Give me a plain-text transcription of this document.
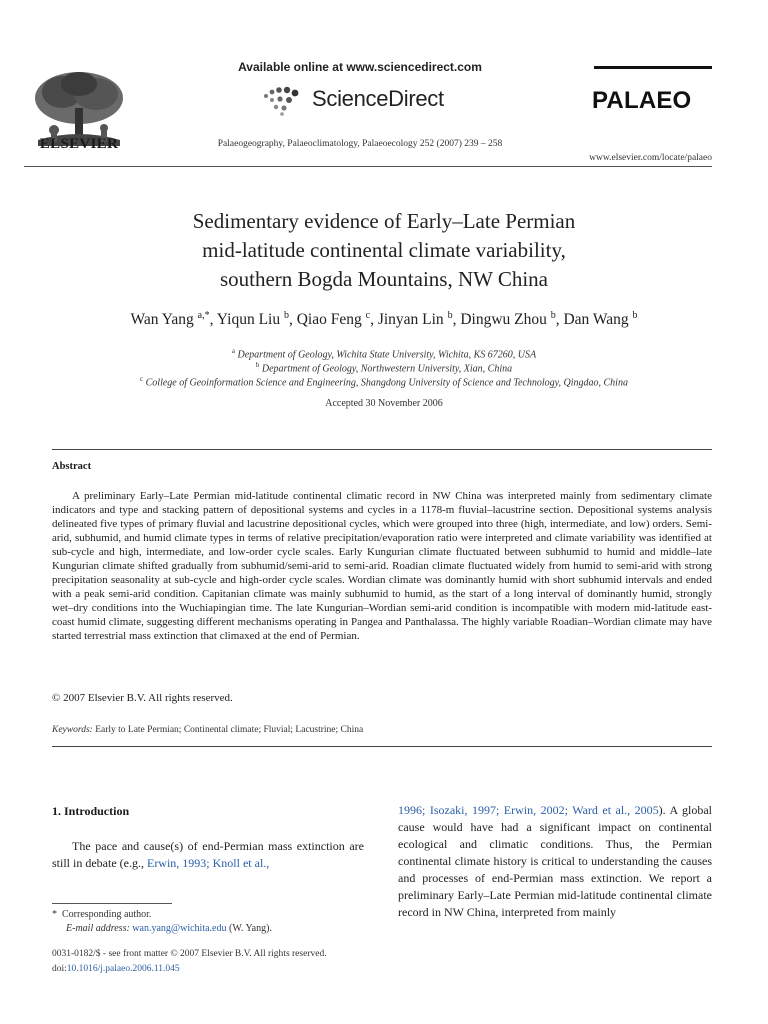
ELSEVIER
Available online at www.sciencedirect.com
ScienceDirect
Palaeogeography, Palaeoclimatology, Palaeoecology 252 (2007) 239 – 258
PALAEO
www.elsevier.com/locate/palaeo
Sedimentary evidence of Early–Late Permian
mid-latitude continental climate variability,
southern Bogda Mountains, NW China
Wan Yang $^{a,*}$, Yiqun Liu $^b$, Qiao Feng $^c$, Jinyan Lin $^b$, Dingwu Zhou $^b$, Dan Wang $^b$
$^a$ Department of Geology, Wichita State University, Wichita, KS 67260, USA
$^b$ Department of Geology, Northwestern University, Xian, China
$^c$ College of Geoinformation Science and Engineering, Shangdong University of Science and Technology, Qingdao, China
Accepted 30 November 2006
Abstract
A preliminary Early–Late Permian mid-latitude continental climatic record in NW China was interpreted mainly from sedimentary climate indicators and type and stacking pattern of depositional systems and cycles in a 1178-m fluvial–lacustrine section. Depositional systems analysis delineated five types of primary fluvial and lacustrine depositional cycles, which were grouped into three (high, intermediate, and low) orders. Semi-arid, subhumid, and humid climate types in terms of relative precipitation/evaporation ratio were interpreted and climate variability was identified at sub-cycle and high, intermediate, and low-order cycle scales. Early Kungurian climate fluctuated between subhumid to humid and middle–late Kungurian climate shifted gradually from subhumid/semi-arid to semi-arid. Roadian climate fluctuated widely from humid to semi-arid with strong precipitation seasonality at sub-cycle and high-order cycle scales. Wordian climate was dominantly humid with short subhumid intervals and ended with a peak semi-arid condition. Capitanian climate was mainly subhumid to humid, as the start of a long interval of dominantly humid, strongly wet–dry conditions into the Wuchiapingian time. The late Kungurian–Wordian semi-arid condition is incompatible with modern mid-latitude east-coast humid climate, suggesting different mechanisms operating in Pangea and Panthalassa. The highly variable Roadian–Wordian climate may have started terrestrial mass extinction that climaxed at the end of Permian.
© 2007 Elsevier B.V. All rights reserved.
Keywords: Early to Late Permian; Continental climate; Fluvial; Lacustrine; China
1. Introduction
The pace and cause(s) of end-Permian mass extinction are still in debate (e.g., Erwin, 1993; Knoll et al.,
1996; Isozaki, 1997; Erwin, 2002; Ward et al., 2005). A global cause would have had a significant impact on continental ecological and climatic conditions. Thus, the Permian continental climate history is critical to understanding the causes and processes of end-Permian mass extinction. We report a preliminary Early–Late Permian mid-latitude continental climate record in NW China, interpreted from mainly
*  Corresponding author.
E-mail address: wan.yang@wichita.edu (W. Yang).
0031-0182/$ - see front matter © 2007 Elsevier B.V. All rights reserved.
doi:10.1016/j.palaeo.2006.11.045
